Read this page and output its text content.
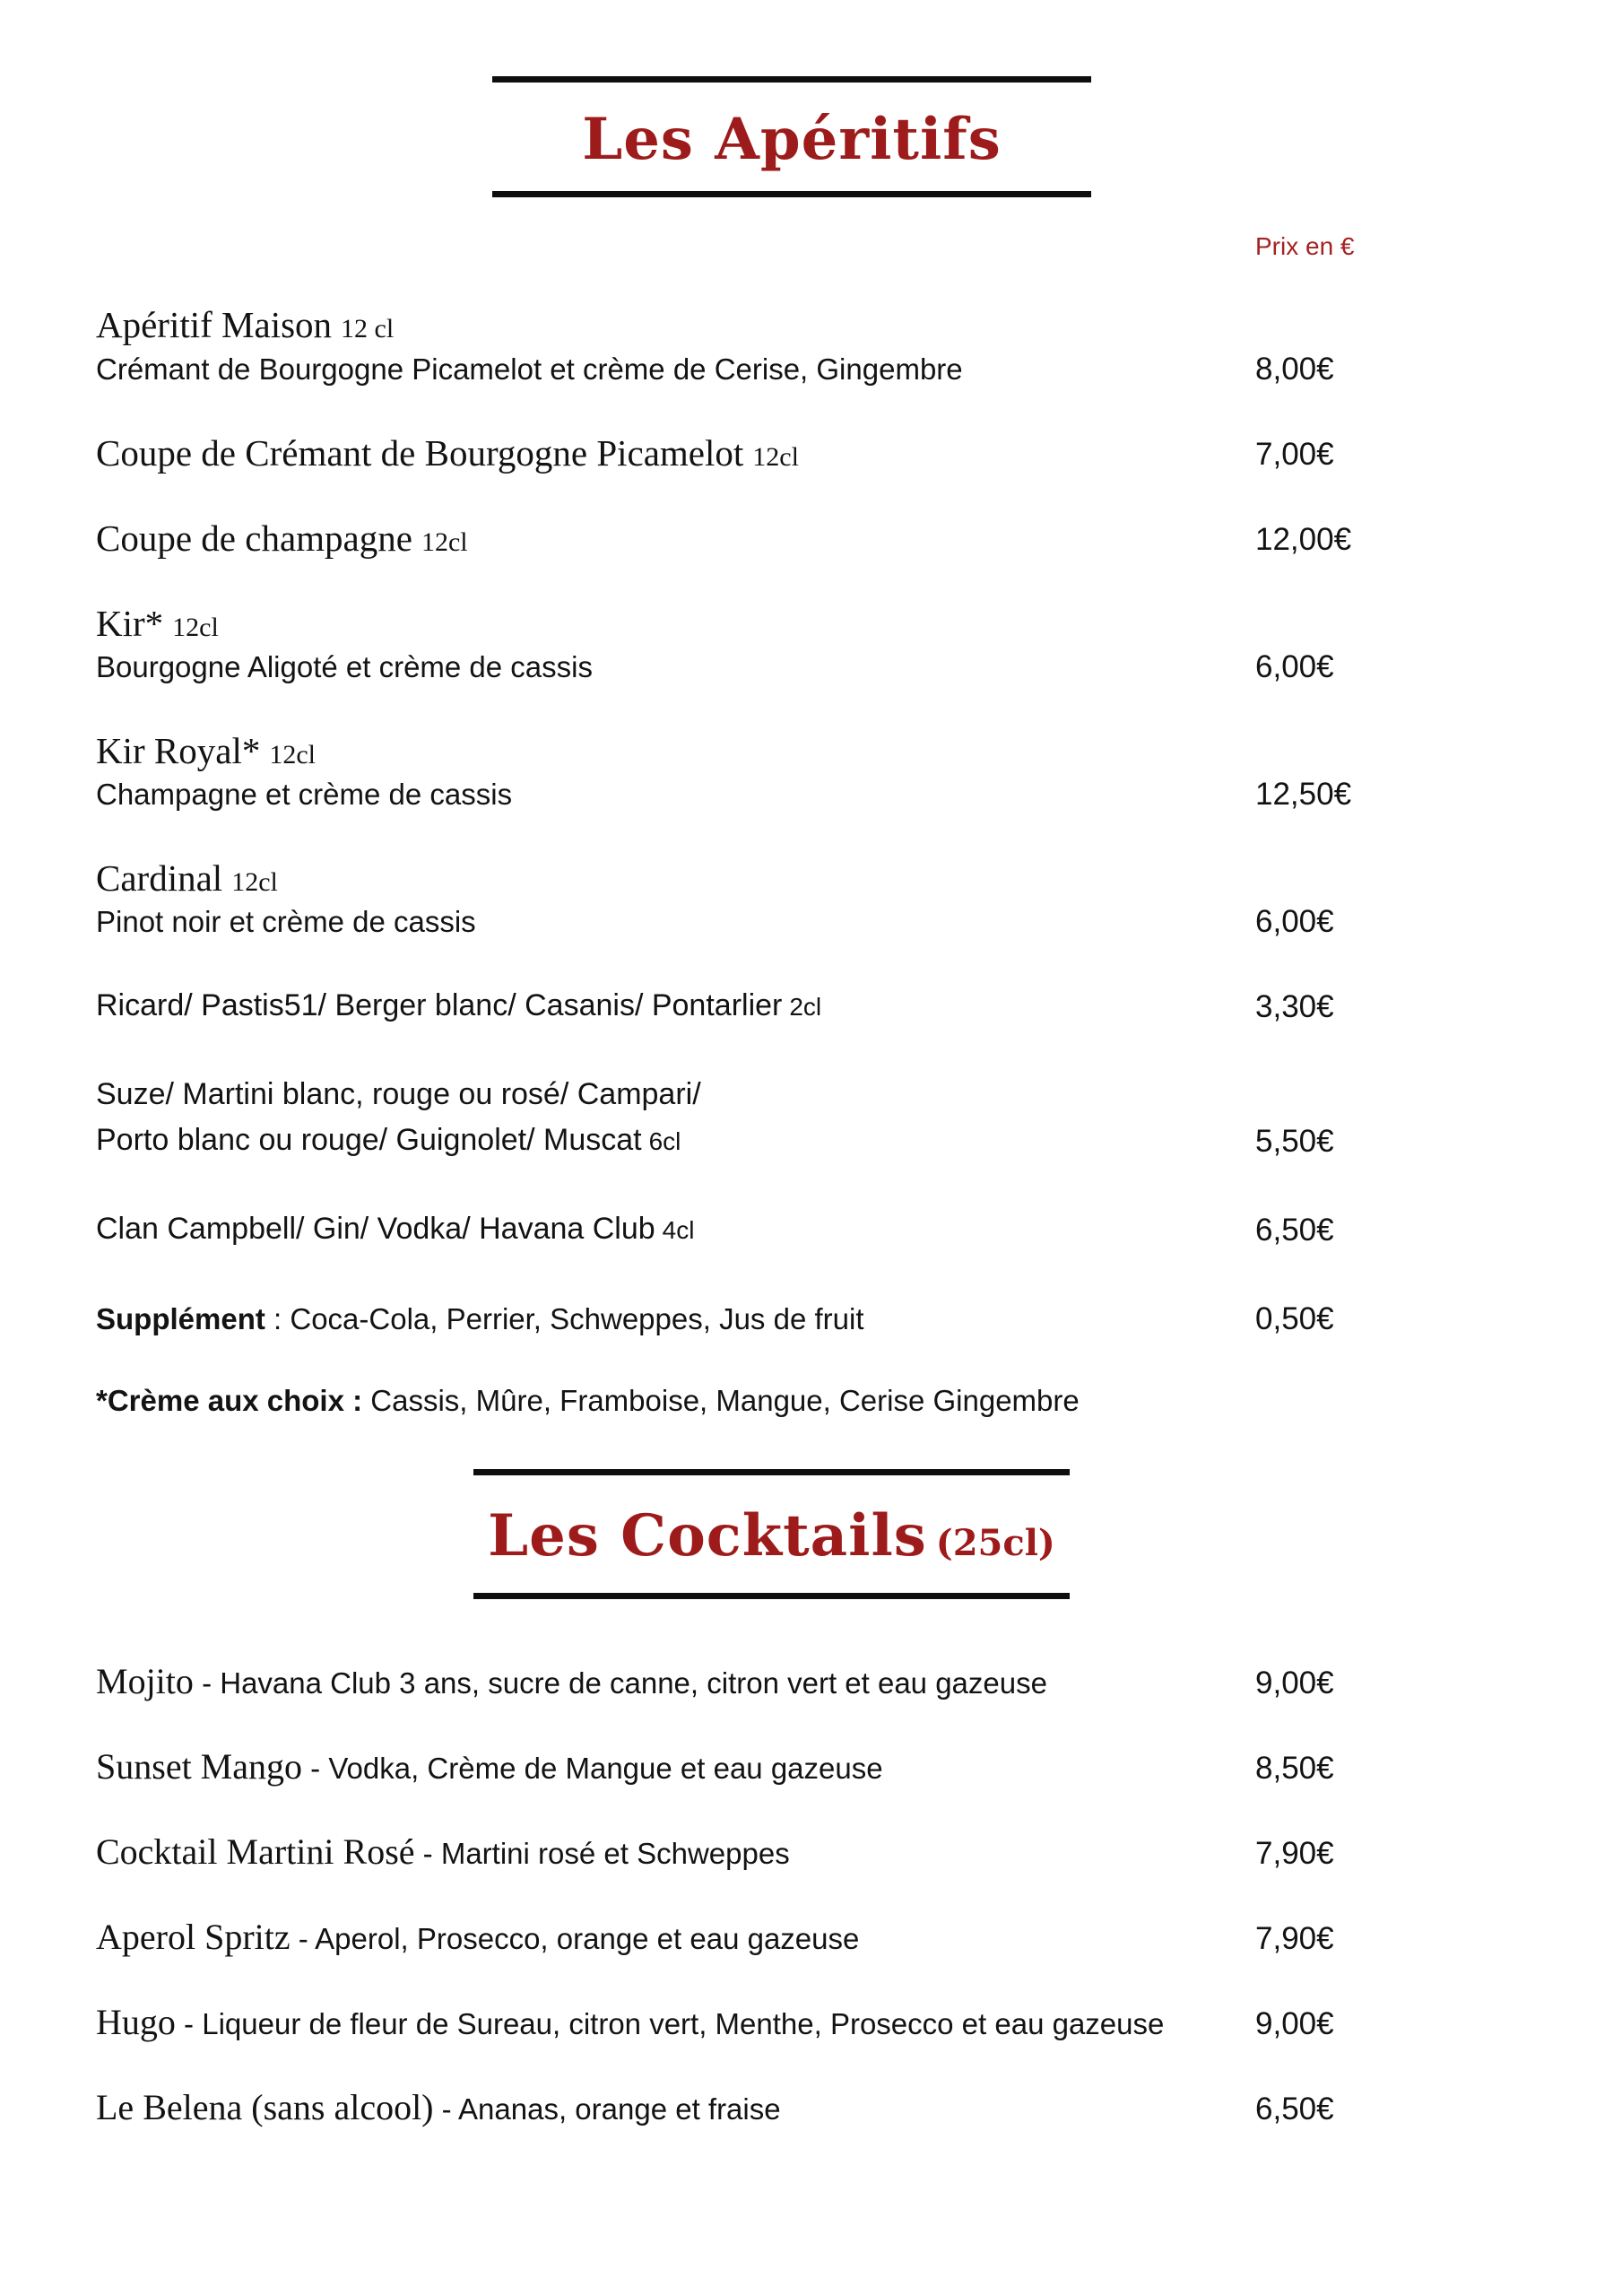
Les Apéritifs
Prix en €
Apéritif Maison 12 cl
Crémant de Bourgogne Picamelot et crème de Cerise, Gingembre	8,00€
Coupe de Crémant de Bourgogne Picamelot 12cl	7,00€
Coupe de champagne 12cl	12,00€
Kir* 12cl
Bourgogne Aligoté et crème de cassis	6,00€
Kir Royal* 12cl
Champagne et crème de cassis	12,50€
Cardinal 12cl
Pinot noir et crème de cassis	6,00€
Ricard/ Pastis51/ Berger blanc/ Casanis/ Pontarlier 2cl	3,30€
Suze/ Martini blanc, rouge ou rosé/ Campari/
Porto blanc ou rouge/ Guignolet/ Muscat 6cl	5,50€
Clan Campbell/ Gin/ Vodka/ Havana Club 4cl	6,50€
Supplément : Coca-Cola, Perrier, Schweppes, Jus de fruit	0,50€
*Crème aux choix : Cassis, Mûre, Framboise, Mangue, Cerise Gingembre
Les Cocktails (25cl)
Mojito - Havana Club 3 ans, sucre de canne, citron vert et eau gazeuse	9,00€
Sunset Mango - Vodka, Crème de Mangue et eau gazeuse	8,50€
Cocktail Martini Rosé - Martini rosé et Schweppes	7,90€
Aperol Spritz - Aperol, Prosecco, orange et eau gazeuse	7,90€
Hugo - Liqueur de fleur de Sureau, citron vert, Menthe, Prosecco et eau gazeuse	9,00€
Le Belena (sans alcool) - Ananas, orange et fraise	6,50€
